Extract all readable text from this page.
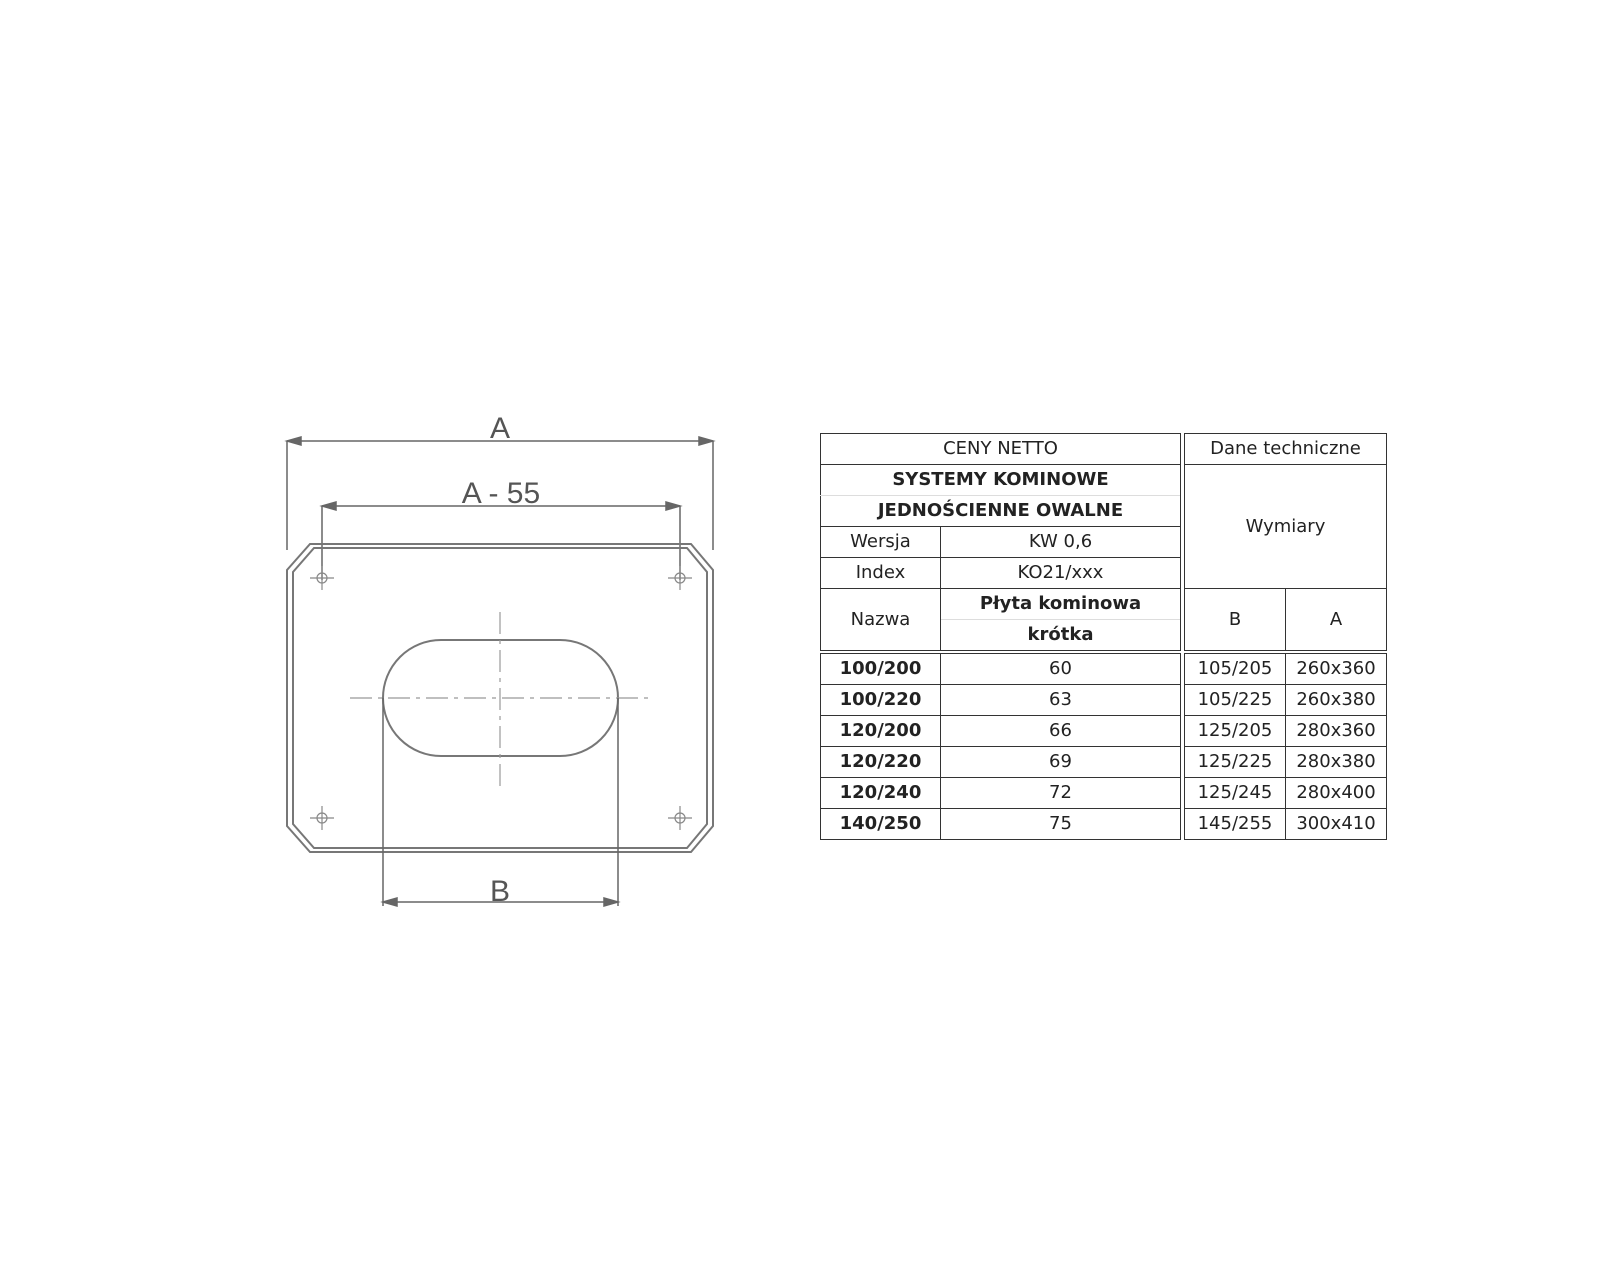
A
A - 55
B
CENY NETTO			Dane techniczne	
SYSTEMY KOMINOWE			Wymiary	
JEDNOŚCIENNE OWALNE				
Wersja	KW 0,6			
Index	KO21/xxx			
Nazwa	Płyta kominowa		B	A
	krótka			
100/200	60		105/205	260x360
100/220	63		105/225	260x380
120/200	66		125/205	280x360
120/220	69		125/225	280x380
120/240	72		125/245	280x400
140/250	75		145/255	300x410
